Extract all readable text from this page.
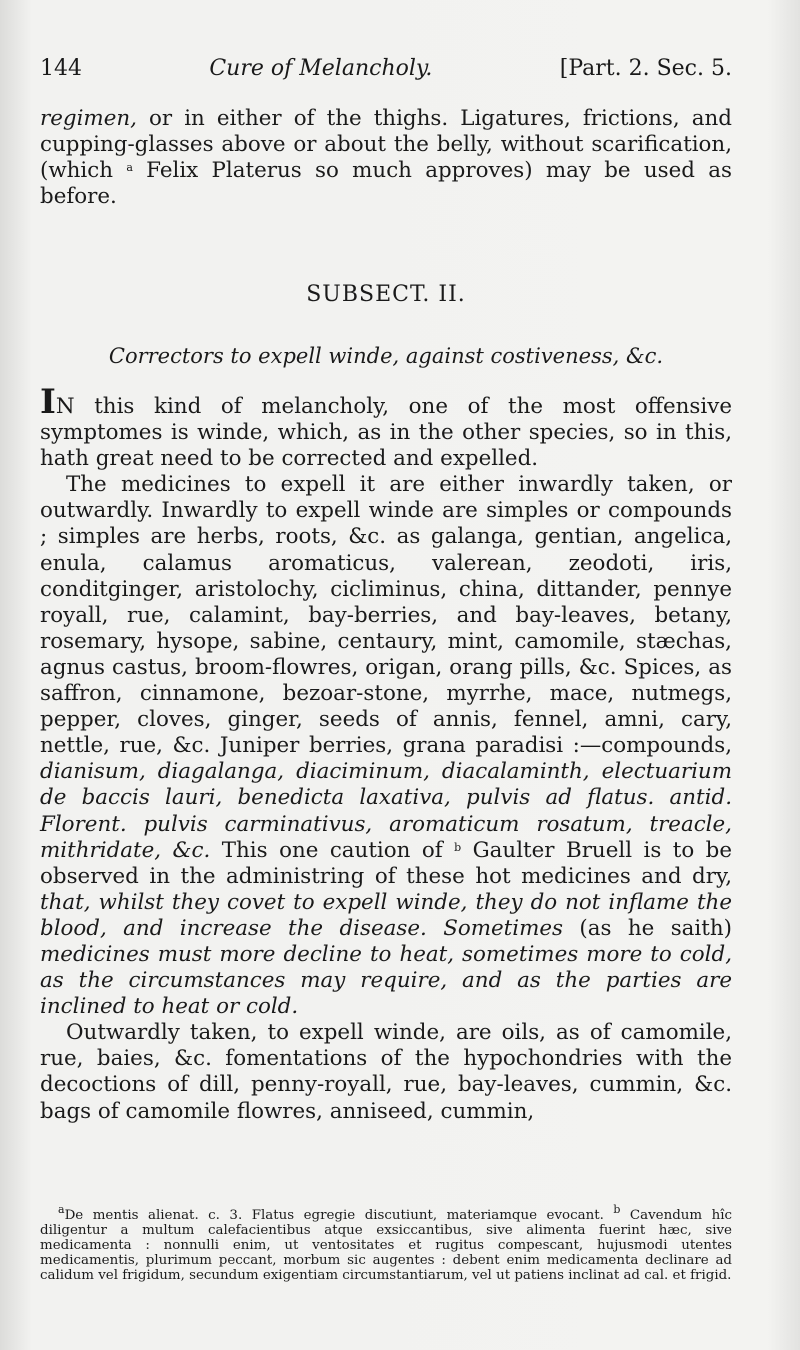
144	Cure of Melancholy.	[Part. 2. Sec. 5.

regimen, or in either of the thighs. Ligatures, frictions, and cupping-glasses above or about the belly, without scarification, (which $^a$ Felix Platerus so much approves) may be used as before.

SUBSECT. II.
Correctors to expell winde, against costiveness, &c.

IN this kind of melancholy, one of the most offensive symptomes is winde, which, as in the other species, so in this, hath great need to be corrected and expelled.

The medicines to expell it are either inwardly taken, or outwardly. Inwardly to expell winde are simples or compounds ; simples are herbs, roots, &c. as galanga, gentian, angelica, enula, calamus aromaticus, valerean, zeodoti, iris, conditginger, aristolochy, cicliminus, china, dittander, pennye royall, rue, calamint, bay-berries, and bay-leaves, betany, rosemary, hysope, sabine, centaury, mint, camomile, stæchas, agnus castus, broom-flowres, origan, orang pills, &c. Spices, as saffron, cinnamone, bezoar-stone, myrrhe, mace, nutmegs, pepper, cloves, ginger, seeds of annis, fennel, amni, cary, nettle, rue, &c. Juniper berries, grana paradisi :—compounds, dianisum, diagalanga, diaciminum, diacalaminth, electuarium de baccis lauri, benedicta laxativa, pulvis ad flatus. antid. Florent. pulvis carminativus, aromaticum rosatum, treacle, mithridate, &c. This one caution of $^b$ Gaulter Bruell is to be observed in the administring of these hot medicines and dry, that, whilst they covet to expell winde, they do not inflame the blood, and increase the disease. Sometimes (as he saith) medicines must more decline to heat, sometimes more to cold, as the circumstances may require, and as the parties are inclined to heat or cold.

Outwardly taken, to expell winde, are oils, as of camomile, rue, baies, &c. fomentations of the hypochondries with the decoctions of dill, penny-royall, rue, bay-leaves, cummin, &c. bags of camomile flowres, anniseed, cummin,

$^a$De mentis alienat. c. 3. Flatus egregie discutiunt, materiamque evocant. $^b$ Cavendum hîc diligentur a multum calefacientibus atque exsiccantibus, sive alimenta fuerint hæc, sive medicamenta : nonnulli enim, ut ventositates et rugitus compescant, hujusmodi utentes medicamentis, plurimum peccant, morbum sic augentes : debent enim medicamenta declinare ad calidum vel frigidum, secundum exigentiam circumstantiarum, vel ut patiens inclinat ad cal. et frigid.
